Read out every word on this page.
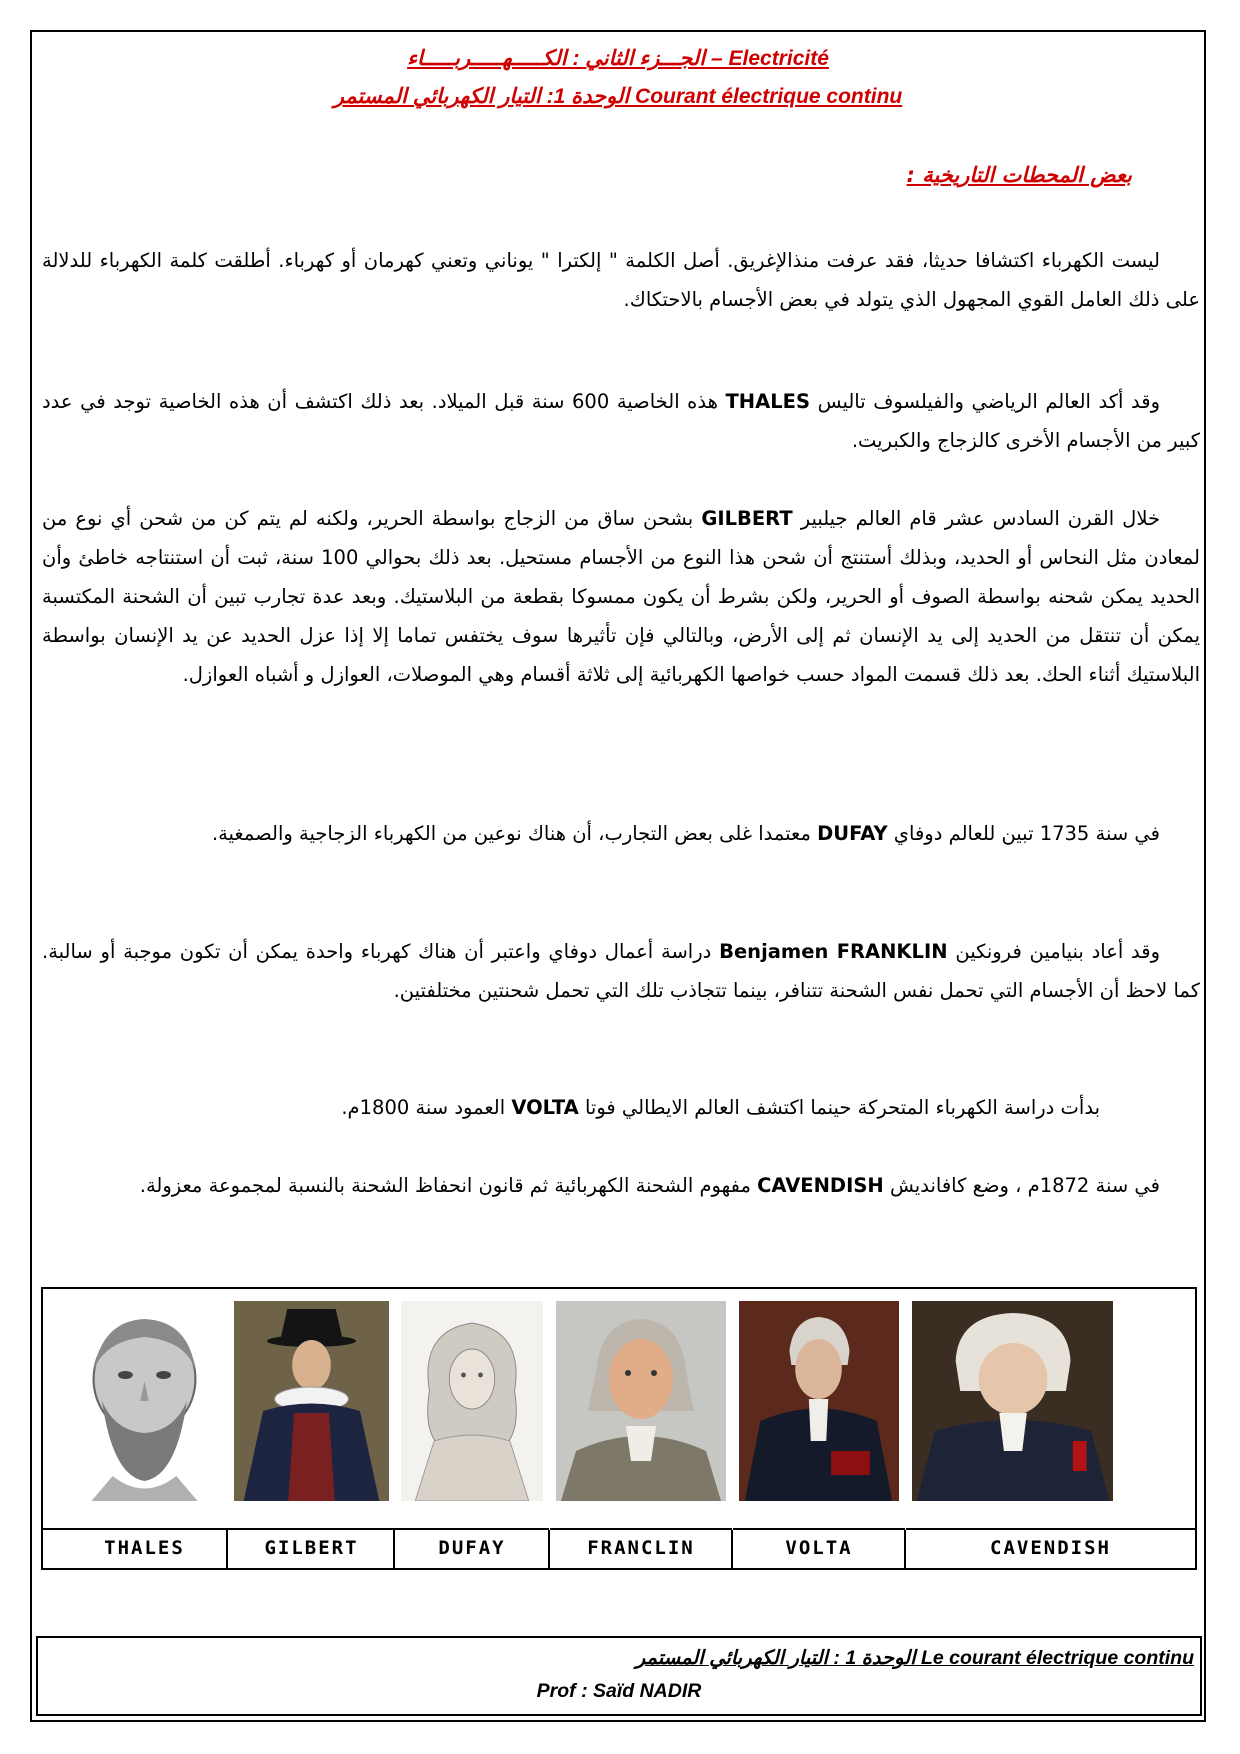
الجـــزء الثاني : الكـــــهـــــربـــــاء – Electricité
الوحدة 1: التيار الكهربائي المستمر Courant électrique continu
بعض المحطات التاريخية :

ليست الكهرباء اكتشافا حديثا، فقد عرفت منذالإغريق. أصل الكلمة " إلكترا " يوناني وتعني كهرمان أو كهرباء. أطلقت كلمة الكهرباء للدلالة على ذلك العامل القوي المجهول الذي يتولد في بعض الأجسام بالاحتكاك.

وقد أكد العالم الرياضي والفيلسوف تاليس THALES هذه الخاصية 600 سنة قبل الميلاد. بعد ذلك اكتشف أن هذه الخاصية توجد في عدد كبير من الأجسام الأخرى كالزجاج والكبريت.

خلال القرن السادس عشر قام العالم جيلبير GILBERT بشحن ساق من الزجاج بواسطة الحرير، ولكنه لم يتم كن من شحن أي نوع من لمعادن مثل النحاس أو الحديد، وبذلك أستنتج أن شحن هذا النوع من الأجسام مستحيل. بعد ذلك بحوالي 100 سنة، ثبت أن استنتاجه خاطئ وأن الحديد يمكن شحنه بواسطة الصوف أو الحرير، ولكن بشرط أن يكون ممسوكا بقطعة من البلاستيك. وبعد عدة تجارب تبين أن الشحنة المكتسبة يمكن أن تنتقل من الحديد إلى يد الإنسان ثم إلى الأرض، وبالتالي فإن تأثيرها سوف يختفس تماما إلا إذا عزل الحديد عن يد الإنسان بواسطة البلاستيك أثناء الحك. بعد ذلك قسمت المواد حسب خواصها الكهربائية إلى ثلاثة أقسام وهي الموصلات، العوازل و أشباه العوازل.

في سنة 1735 تبين للعالم دوفاي DUFAY معتمدا غلى بعض التجارب، أن هناك نوعين من الكهرباء الزجاجية والصمغية.

وقد أعاد بنيامين فرونكين Benjamen FRANKLIN دراسة أعمال دوفاي واعتبر أن هناك كهرباء واحدة يمكن أن تكون موجبة أو سالبة. كما لاحظ أن الأجسام التي تحمل نفس الشحنة تتنافر، بينما تتجاذب تلك التي تحمل شحنتين مختلفتين.

بدأت دراسة الكهرباء المتحركة حينما اكتشف العالم الايطالي فوتا VOLTA العمود سنة 1800م.

في سنة 1872م ، وضع كافانديش CAVENDISH مفهوم الشحنة الكهربائية ثم قانون انحفاظ الشحنة بالنسبة لمجموعة معزولة.

THALES	GILBERT	DUFAY	FRANCLIN	VOLTA	CAVENDISH
الوحدة 1 : التيار الكهربائي المستمر Le courant électrique continu
Prof : Saïd NADIR
